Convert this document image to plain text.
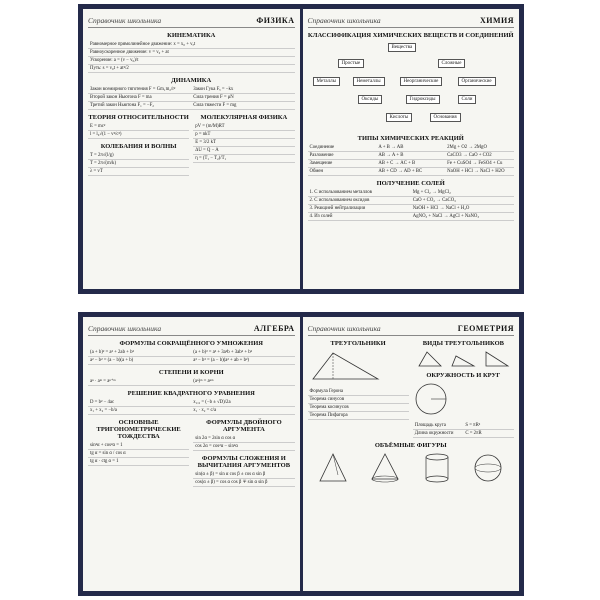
Справочник школьника	ФИЗИКА
КИНЕМАТИКА
Равномерное прямолинейное движение: x = x₀ + vₓt
Равноускоренное движение: v = v₀ + at
Ускорение: a = (v − v₀)/t
Путь: s = v₀t + at²/2
ДИНАМИКА
Закон всемирного тяготения F = Gm₁m₂/r²	Закон Гука Fₓ = −kx
Второй закон Ньютона F = ma	Сила трения F = μN
Третий закон Ньютона F₁ = −F₂	Сила тяжести F = mg
ТЕОРИЯ ОТНОСИТЕЛЬНОСТИ
E = mc²
l = l₀√(1 − v²/c²)
КОЛЕБАНИЯ И ВОЛНЫ
T = 2π√(l/g)
T = 2π√(m/k)
λ = vT
МОЛЕКУЛЯРНАЯ ФИЗИКА
pV = (m/M)RT
p = nkT
E = 3/2 kT
ΔU = Q − A
η = (T₁ − T₂)/T₁
Справочник школьника	ХИМИЯ
КЛАССИФИКАЦИЯ ХИМИЧЕСКИХ ВЕЩЕСТВ И СОЕДИНЕНИЙ
Вещества
Простые	Сложные
Металлы	Неметаллы	Неорганические	Органические
Оксиды	Гидроксиды	Соли
Кислоты	Основания
ТИПЫ ХИМИЧЕСКИХ РЕАКЦИЙ
Соединение	A + B → AB	2Mg + O2 → 2MgO
Разложение	AB → A + B	CaCO3 → CaO + CO2
Замещение	AB + C → AC + B	Fe + CuSO4 → FeSO4 + Cu
Обмен	AB + CD → AD + BC	NaOH + HCl → NaCl + H2O
ПОЛУЧЕНИЕ СОЛЕЙ
1. С использованием металлов	Mg + Cl₂ → MgCl₂
2. С использованием оксидов	CaO + CO₂ → CaCO₃
3. Реакцией нейтрализации	NaOH + HCl → NaCl + H₂O
4. Из солей	AgNO₃ + NaCl → AgCl + NaNO₃
Справочник школьника	АЛГЕБРА
ФОРМУЛЫ СОКРАЩЁННОГО УМНОЖЕНИЯ
(a + b)² = a² + 2ab + b²	(a + b)³ = a³ + 3a²b + 3ab² + b³
a² − b² = (a − b)(a + b)	a³ − b³ = (a − b)(a² + ab + b²)
СТЕПЕНИ И КОРНИ
aⁿ · aᵐ = aⁿ⁺ᵐ	(aⁿ)ᵐ = aⁿᵐ
РЕШЕНИЕ КВАДРАТНОГО УРАВНЕНИЯ
D = b² − 4ac	x₁,₂ = (−b ± √D)/2a
x₁ + x₂ = −b/a	x₁ · x₂ = c/a
ОСНОВНЫЕ ТРИГОНОМЕТРИЧЕСКИЕ ТОЖДЕСТВА
sin²α + cos²α = 1
tg α = sin α / cos α
tg α · ctg α = 1
ФОРМУЛЫ ДВОЙНОГО АРГУМЕНТА
sin 2α = 2sin α cos α
cos 2α = cos²α − sin²α
ФОРМУЛЫ СЛОЖЕНИЯ И ВЫЧИТАНИЯ АРГУМЕНТОВ
sin(α ± β) = sin α cos β ± cos α sin β
cos(α ± β) = cos α cos β ∓ sin α sin β
Справочник школьника	ГЕОМЕТРИЯ
ТРЕУГОЛЬНИКИ
Формула Герона
Теорема синусов
Теорема косинусов
Теорема Пифагора
ВИДЫ ТРЕУГОЛЬНИКОВ
ОКРУЖНОСТЬ И КРУГ
Площадь круга	S = πR²
Длина окружности	C = 2πR
ОБЪЁМНЫЕ ФИГУРЫ
